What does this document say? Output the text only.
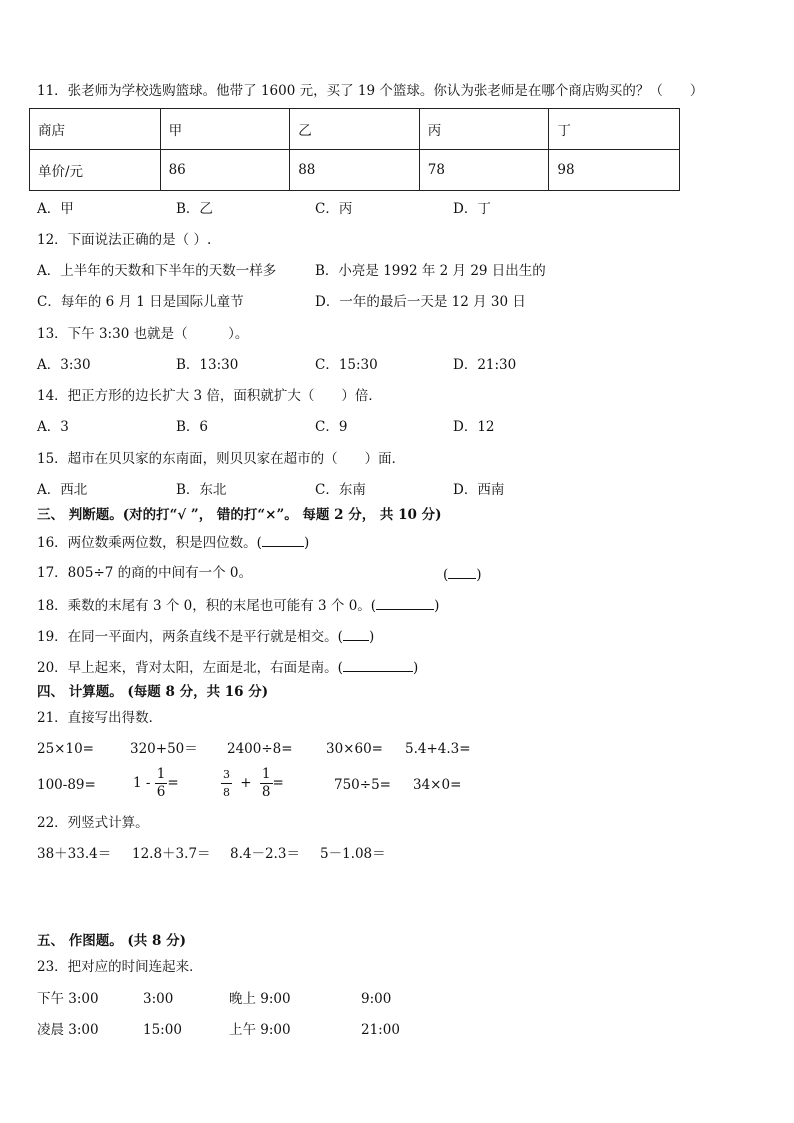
11．张老师为学校选购篮球。他带了 1600 元，买了 19 个篮球。你认为张老师是在哪个商店购买的？（　　）
商店	甲	乙	丙	丁
单价/元	86	88	78	98
A．甲	B．乙	C．丙	D．丁
12．下面说法正确的是（ ）.
A．上半年的天数和下半年的天数一样多	B．小亮是 1992 年 2 月 29 日出生的
C．每年的 6 月 1 日是国际儿童节	D．一年的最后一天是 12 月 30 日
13．下午 3:30 也就是（　　　）。
A．3:30	B．13:30	C．15:30	D．21:30
14．把正方形的边长扩大 3 倍，面积就扩大（　　）倍．
A．3	B．6	C．9	D．12
15．超市在贝贝家的东南面，则贝贝家在超市的（　　）面．
A．西北	B．东北	C．东南	D．西南
三、 判断题。(对的打“√ ”， 错的打“×”。 每题 2 分， 共 10 分)
16．两位数乘两位数，积是四位数。(	)
17．805÷7 的商的中间有一个 0。	( )
18．乘数的末尾有 3 个 0，积的末尾也可能有 3 个 0。(	)
19．在同一平面内，两条直线不是平行就是相交。( )
20．早上起来，背对太阳，左面是北，右面是南。(	)
四、 计算题。 (每题 8 分，共 16 分)
21．直接写出得数．
25×10=	320+50＝ 2400÷8= 30×60= 5.4+4.3=
100-89=	$1 - \frac{1}{6}$ =	$\frac{3}{8} + \frac{1}{8}$ =	750÷5= 34×0=
22．列竖式计算。
38＋33.4＝ 12.8＋3.7＝ 8.4－2.3＝ 5－1.08＝
五、 作图题。 (共 8 分)
23．把对应的时间连起来．
下午 3:00	3:00	晚上 9:00	9:00
凌晨 3:00	15:00	上午 9:00	21:00
